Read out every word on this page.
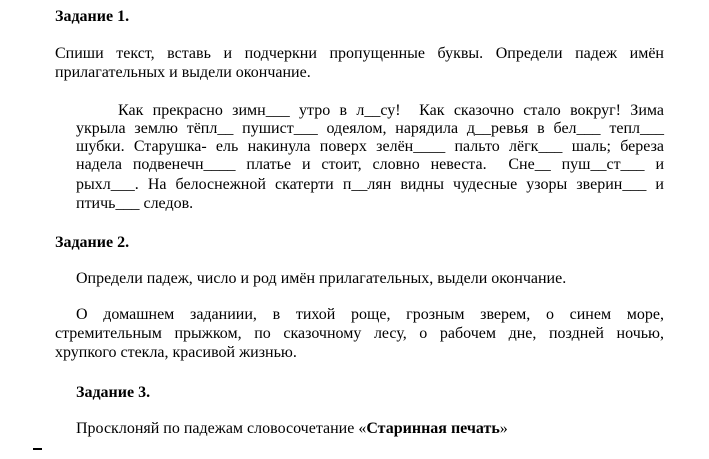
Задание 1.
Спиши текст, вставь и подчеркни пропущенные буквы. Определи падеж имён
прилагательных и выдели окончание.
Как прекрасно зимн___ утро в л__су!  Как сказочно стало вокруг! Зима
укрыла землю тёпл__ пушист___ одеялом, нарядила д__ревья в бел___ тепл___
шубки. Старушка- ель накинула поверх зелён____ пальто лёгк___ шаль; береза
надела подвенечн____ платье и стоит, словно невеста.  Сне__ пуш__ст___ и
рыхл___. На белоснежной скатерти п__лян видны чудесные узоры зверин___ и
птичь___ следов.
Задание 2.
Определи падеж, число и род имён прилагательных, выдели окончание.
О домашнем заданиии, в тихой роще, грозным зверем, о синем море,
стремительным прыжком, по сказочному лесу, о рабочем дне, поздней ночью,
хрупкого стекла, красивой жизнью.
Задание 3.
Просклоняй по падежам словосочетание «Старинная печать»
